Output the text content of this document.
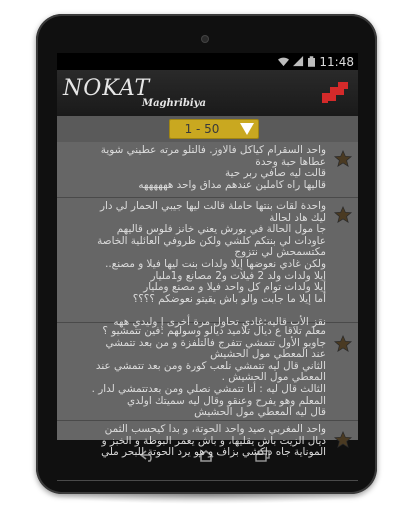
11:48
NOKAT
Maghribiya
1 - 50
واحد السقرام كياكل فالاوز. فالتلو مرته عطيني شوية
عطاها حبة وحدة
قالت ليه صافي ربر حية
قاليها راه كاملين عندهم مداق واحد ههههههه
واحدة لقات بنتها حاملة قالت ليها جيبي الحمار لي دار
ليك هاد لحالة
جا مول الحالة في بورش يعني خانز فلوس قاليهم
عاودات لي بنتكم كلشي ولكن ظروفي العائلية الخاصة
مكتسمحش لي نتزوج
ولكن غادي نعوضها إيلا ولدات بنت ليها فيلا و مصنع..
إيلا ولدات ولد 2 فيلات و2 مصانع و1مليار
إيلا ولدات توام كل واحد فيلا و مصنع ومليار
أما إيلا ما جابت والو باش يقيتو نعوضكم ؟؟؟؟

نقز الأب قاليه:غادي تحاول مرة أخرى إ وليدي ههه
معلم تلاقا ع ديال تلاميد ديالو وسولهم :فين تتمشيو ؟
جاوبو الأول تتمشي تتفرج فالتلفزة و من بعد تتمشي
عند المعطي مول الحشيش
الثاني قال ليه تتمشي نلعب كورة ومن بعد تتمشي عند
المعطي مول الحشيش .
الثالث قال ليه : أنا تتمشي نصلي ومن بعدتتمشي لدار .
المعلم وهو يفرح وعنقو وقال ليه سميتك اولدي
قال ليه المعطي مول الحشيش
واحد المغربي صيد واحد الحوتة، و بدا كيحسب الثمن
ديال الزيت باش يقليها، و باش يعمر البوطة و الخبز و
الموناية جاه داكشي بزاف و هو يرد الحوتة للبحر ملي
